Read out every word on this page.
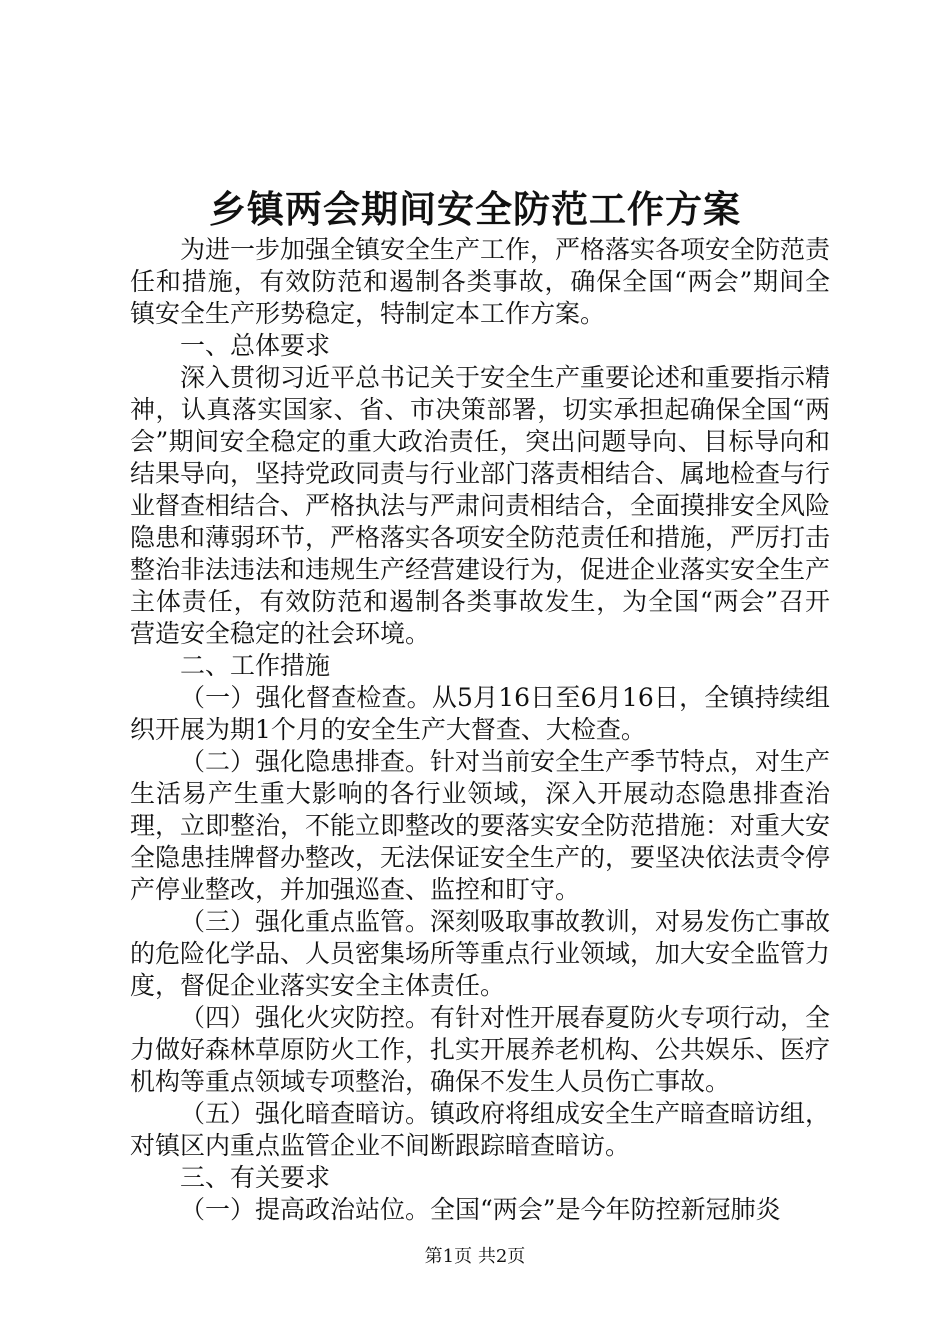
乡镇两会期间安全防范工作方案

为进一步加强全镇安全生产工作，严格落实各项安全防范责任和措施，有效防范和遏制各类事故，确保全国“两会”期间全镇安全生产形势稳定，特制定本工作方案。

一、总体要求

深入贯彻习近平总书记关于安全生产重要论述和重要指示精神，认真落实国家、省、市决策部署，切实承担起确保全国“两会”期间安全稳定的重大政治责任，突出问题导向、目标导向和结果导向，坚持党政同责与行业部门落责相结合、属地检查与行业督查相结合、严格执法与严肃问责相结合，全面摸排安全风险隐患和薄弱环节，严格落实各项安全防范责任和措施，严厉打击整治非法违法和违规生产经营建设行为，促进企业落实安全生产主体责任，有效防范和遏制各类事故发生，为全国“两会”召开营造安全稳定的社会环境。

二、工作措施

（一）强化督查检查。从5月16日至6月16日，全镇持续组织开展为期1个月的安全生产大督查、大检查。

（二）强化隐患排查。针对当前安全生产季节特点，对生产生活易产生重大影响的各行业领域，深入开展动态隐患排查治理，立即整治，不能立即整改的要落实安全防范措施：对重大安全隐患挂牌督办整改，无法保证安全生产的，要坚决依法责令停产停业整改，并加强巡查、监控和盯守。

（三）强化重点监管。深刻吸取事故教训，对易发伤亡事故的危险化学品、人员密集场所等重点行业领域，加大安全监管力度，督促企业落实安全主体责任。

（四）强化火灾防控。有针对性开展春夏防火专项行动，全力做好森林草原防火工作，扎实开展养老机构、公共娱乐、医疗机构等重点领域专项整治，确保不发生人员伤亡事故。

（五）强化暗查暗访。镇政府将组成安全生产暗查暗访组，对镇区内重点监管企业不间断跟踪暗查暗访。

三、有关要求

（一）提高政治站位。全国“两会”是今年防控新冠肺炎

第1页 共2页
